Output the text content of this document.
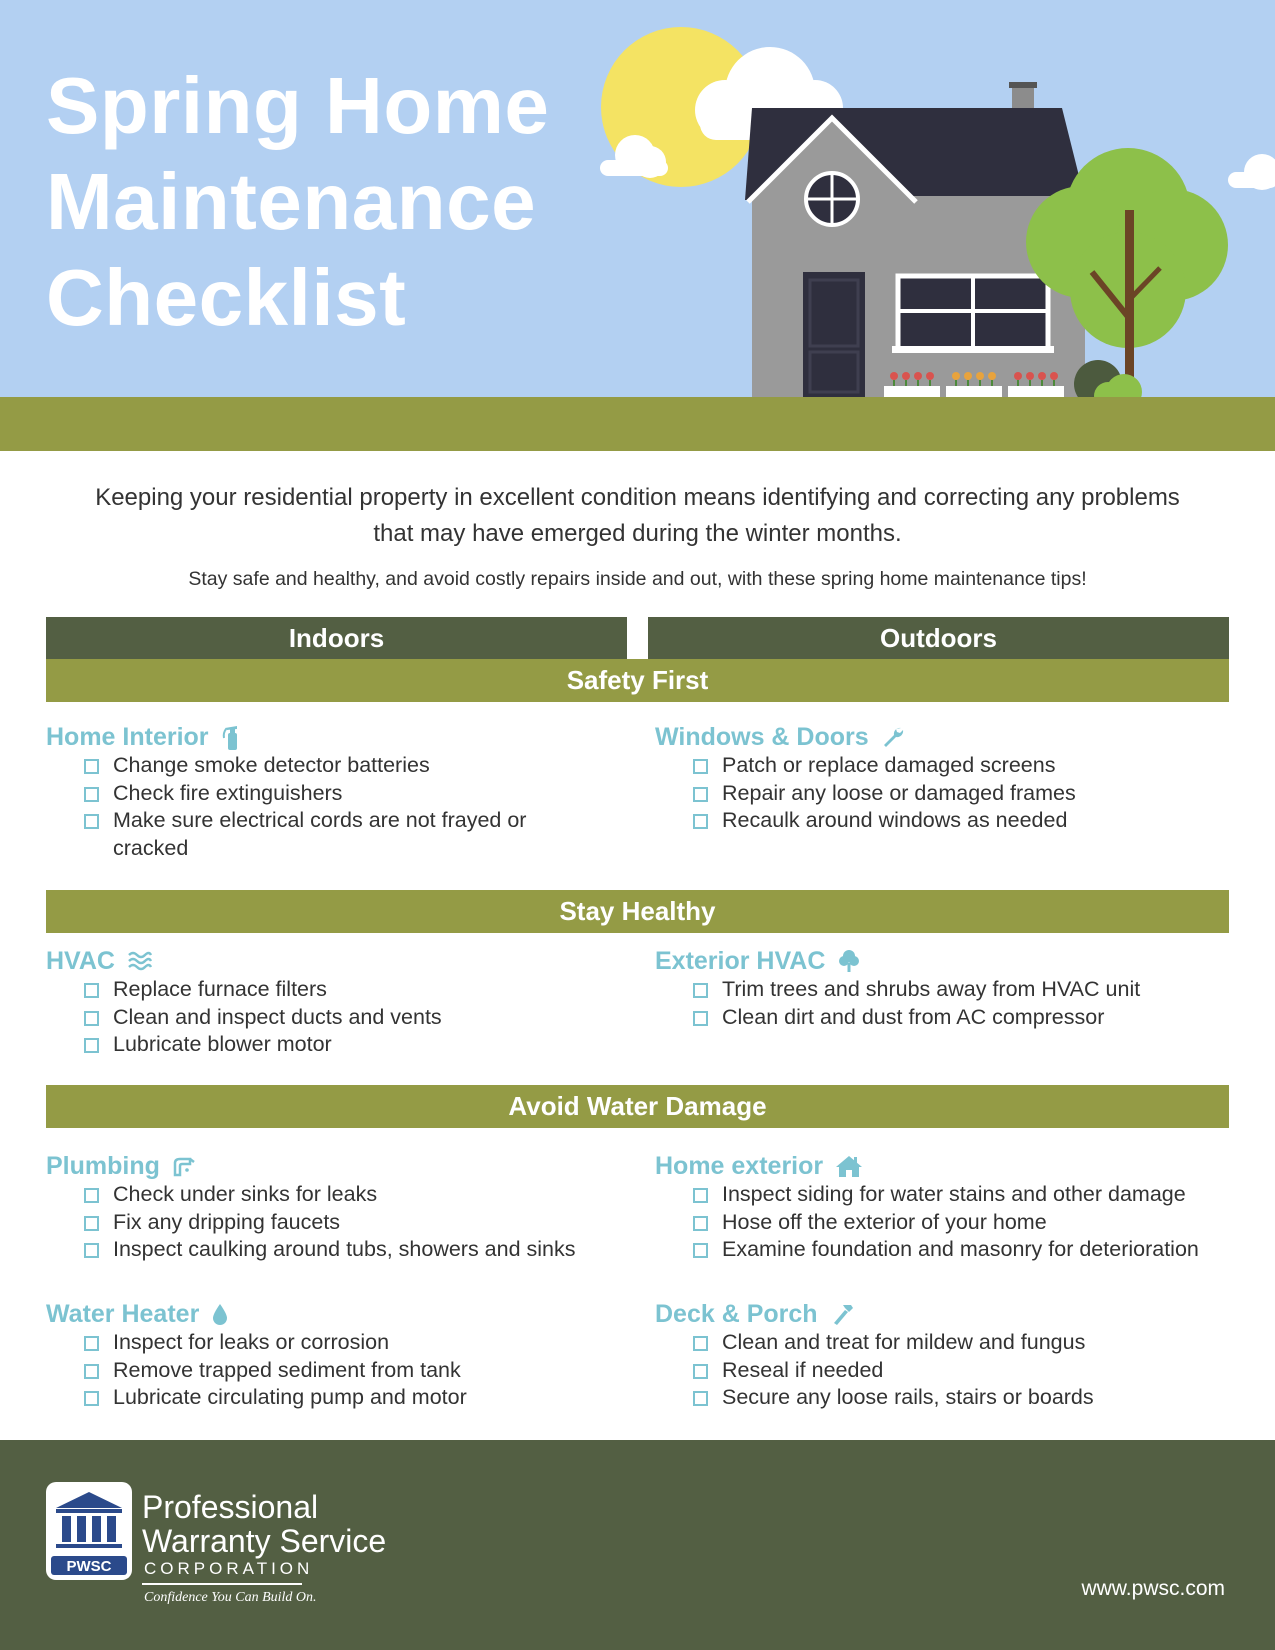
Spring Home
Maintenance
Checklist
Keeping your residential property in excellent condition means identifying and correcting any problems that may have emerged during the winter months.
Stay safe and healthy, and avoid costly repairs inside and out, with these spring home maintenance tips!
Indoors	Outdoors
Safety First
Home Interior
Change smoke detector batteries
Check fire extinguishers
Make sure electrical cords are not frayed or cracked
Windows & Doors
Patch or replace damaged screens
Repair any loose or damaged frames
Recaulk around windows as needed
Stay Healthy
HVAC
Replace furnace filters
Clean and inspect ducts and vents
Lubricate blower motor
Exterior HVAC
Trim trees and shrubs away from HVAC unit
Clean dirt and dust from AC compressor
Avoid Water Damage
Plumbing
Check under sinks for leaks
Fix any dripping faucets
Inspect caulking around tubs, showers and sinks
Home exterior
Inspect siding for water stains and other damage
Hose off the exterior of your home
Examine foundation and masonry for deterioration
Water Heater
Inspect for leaks or corrosion
Remove trapped sediment from tank
Lubricate circulating pump and motor
Deck & Porch
Clean and treat for mildew and fungus
Reseal if needed
Secure any loose rails, stairs or boards
PWSC
Professional
Warranty Service
CORPORATION
Confidence You Can Build On.	www.pwsc.com
